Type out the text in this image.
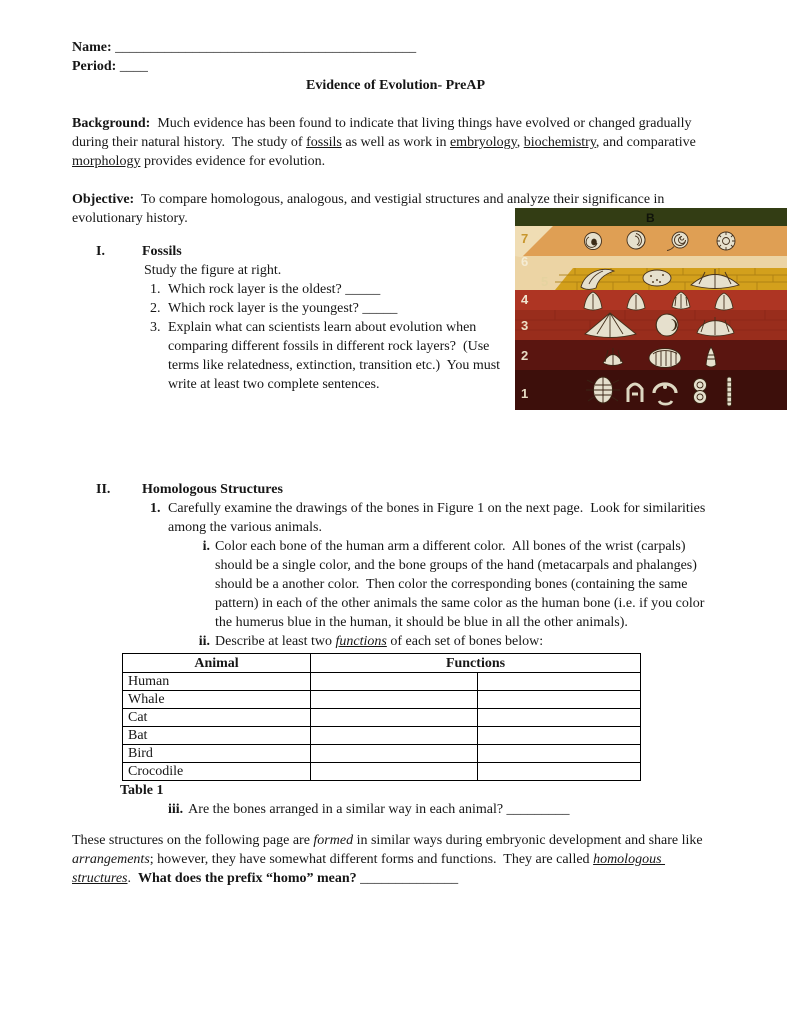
Name: ___________________________________________
Period: ____
Evidence of Evolution- PreAP

Background:  Much evidence has been found to indicate that living things have evolved or changed gradually during their natural history.  The study of fossils as well as work in embryology, biochemistry, and comparative morphology provides evidence for evolution.

Objective:  To compare homologous, analogous, and vestigial structures and analyze their significance in evolutionary history.

I.	Fossils
Study the figure at right.
1. Which rock layer is the oldest? _____
2. Which rock layer is the youngest? _____
3. Explain what can scientists learn about evolution when comparing different fossils in different rock layers?  (Use terms like relatedness, extinction, transition etc.)  You must write at least two complete sentences.
II.	Homologous Structures
1. Carefully examine the drawings of the bones in Figure 1 on the next page.  Look for similarities among the various animals.
i. Color each bone of the human arm a different color.  All bones of the wrist (carpals) should be a single color, and the bone groups of the hand (metacarpals and phalanges) should be a another color.  Then color the corresponding bones (containing the same pattern) in each of the other animals the same color as the human bone (i.e. if you color the humerus blue in the human, it should be blue in all the other animals).
ii. Describe at least two functions of each set of bones below:
Animal	Functions	
Human		
Whale		
Cat		
Bat		
Bird		
Crocodile		
Table 1
iii. Are the bones arranged in a similar way in each animal? _________

These structures on the following page are formed in similar ways during embryonic development and share like arrangements; however, they have somewhat different forms and functions.  They are called homologous structures.  What does the prefix “homo” mean? ______________

B
7
6
5
4
3
2
1
